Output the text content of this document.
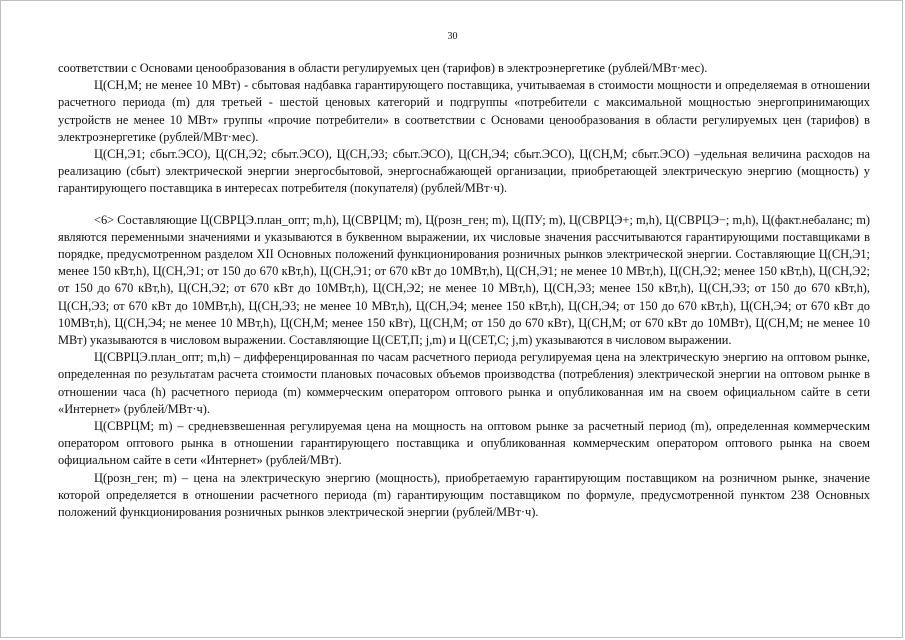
30

соответствии с Основами ценообразования в области регулируемых цен (тарифов) в электроэнергетике (рублей/МВт·мес).

Ц(СН,М; не менее 10 МВт) - сбытовая надбавка гарантирующего поставщика, учитываемая в стоимости мощности и определяемая в отношении расчетного периода (m) для третьей - шестой ценовых категорий и подгруппы «потребители с максимальной мощностью энергопринимающих устройств не менее 10 МВт» группы «прочие потребители» в соответствии с Основами ценообразования в области регулируемых цен (тарифов) в электроэнергетике (рублей/МВт·мес).

Ц(СН,Э1; сбыт.ЭСО), Ц(СН,Э2; сбыт.ЭСО), Ц(СН,Э3; сбыт.ЭСО), Ц(СН,Э4; сбыт.ЭСО), Ц(СН,М; сбыт.ЭСО) –удельная величина расходов на реализацию (сбыт) электрической энергии энергосбытовой, энергоснабжающей организации, приобретающей электрическую энергию (мощность) у гарантирующего поставщика в интересах потребителя (покупателя) (рублей/МВт·ч).

<6> Составляющие Ц(СВРЦЭ.план_опт; m,h), Ц(СВРЦМ; m), Ц(розн_ген; m), Ц(ПУ; m), Ц(СВРЦЭ+; m,h), Ц(СВРЦЭ−; m,h), Ц(факт.небаланс; m) являются переменными значениями и указываются в буквенном выражении, их числовые значения рассчитываются гарантирующими поставщиками в порядке, предусмотренном разделом XII Основных положений функционирования розничных рынков электрической энергии. Составляющие Ц(СН,Э1; менее 150 кВт,h), Ц(СН,Э1; от 150 до 670 кВт,h), Ц(СН,Э1; от 670 кВт до 10МВт,h), Ц(СН,Э1; не менее 10 МВт,h), Ц(СН,Э2; менее 150 кВт,h), Ц(СН,Э2; от 150 до 670 кВт,h), Ц(СН,Э2; от 670 кВт до 10МВт,h), Ц(СН,Э2; не менее 10 МВт,h), Ц(СН,Э3; менее 150 кВт,h), Ц(СН,Э3; от 150 до 670 кВт,h), Ц(СН,Э3; от 670 кВт до 10МВт,h), Ц(СН,Э3; не менее 10 МВт,h), Ц(СН,Э4; менее 150 кВт,h), Ц(СН,Э4; от 150 до 670 кВт,h), Ц(СН,Э4; от 670 кВт до 10МВт,h), Ц(СН,Э4; не менее 10 МВт,h), Ц(СН,М; менее 150 кВт), Ц(СН,М; от 150 до 670 кВт), Ц(СН,М; от 670 кВт до 10МВт), Ц(СН,М; не менее 10 МВт) указываются в числовом выражении. Составляющие Ц(СЕТ,П; j,m) и Ц(СЕТ,С; j,m) указываются в числовом выражении.

Ц(СВРЦЭ.план_опт; m,h) – дифференцированная по часам расчетного периода регулируемая цена на электрическую энергию на оптовом рынке, определенная по результатам расчета стоимости плановых почасовых объемов производства (потребления) электрической энергии на оптовом рынке в отношении часа (h) расчетного периода (m) коммерческим оператором оптового рынка и опубликованная им на своем официальном сайте в сети «Интернет» (рублей/МВт·ч).

Ц(СВРЦМ; m) – средневзвешенная регулируемая цена на мощность на оптовом рынке за расчетный период (m), определенная коммерческим оператором оптового рынка в отношении гарантирующего поставщика и опубликованная коммерческим оператором оптового рынка на своем официальном сайте в сети «Интернет» (рублей/МВт).

Ц(розн_ген; m) – цена на электрическую энергию (мощность), приобретаемую гарантирующим поставщиком на розничном рынке, значение которой определяется в отношении расчетного периода (m) гарантирующим поставщиком по формуле, предусмотренной пунктом 238 Основных положений функционирования розничных рынков электрической энергии (рублей/МВт·ч).
